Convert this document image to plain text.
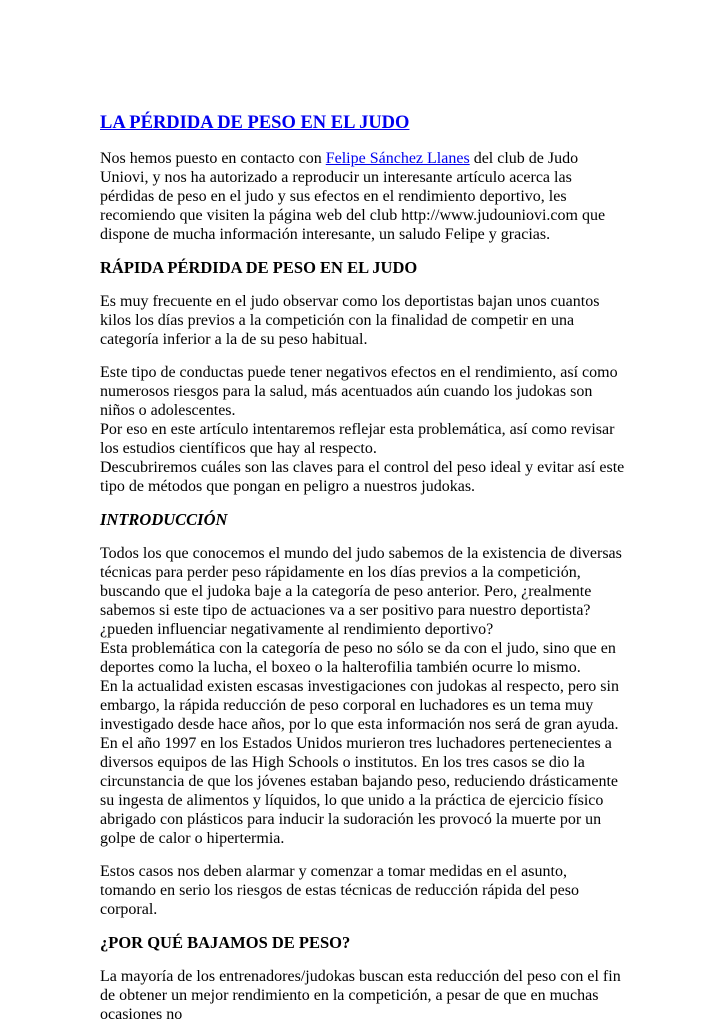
LA PÉRDIDA DE PESO EN EL JUDO

Nos hemos puesto en contacto con Felipe Sánchez Llanes del club de Judo Uniovi, y nos ha autorizado a reproducir un interesante artículo acerca las pérdidas de peso en el judo y sus efectos en el rendimiento deportivo, les recomiendo que visiten la página web del club http://www.judouniovi.com que dispone de mucha información interesante, un saludo Felipe y gracias.

RÁPIDA PÉRDIDA DE PESO EN EL JUDO

Es muy frecuente en el judo observar como los deportistas bajan unos cuantos kilos los días previos a la competición con la finalidad de competir en una categoría inferior a la de su peso habitual.

Este tipo de conductas puede tener negativos efectos en el rendimiento, así como numerosos riesgos para la salud, más acentuados aún cuando los judokas son niños o adolescentes.
Por eso en este artículo intentaremos reflejar esta problemática, así como revisar los estudios científicos que hay al respecto.
Descubriremos cuáles son las claves para el control del peso ideal y evitar así este tipo de métodos que pongan en peligro a nuestros judokas.
INTRODUCCIÓN
Todos los que conocemos el mundo del judo sabemos de la existencia de diversas técnicas para perder peso rápidamente en los días previos a la competición, buscando que el judoka baje a la categoría de peso anterior. Pero, ¿realmente sabemos si este tipo de actuaciones va a ser positivo para nuestro deportista? ¿pueden influenciar negativamente al rendimiento deportivo?
Esta problemática con la categoría de peso no sólo se da con el judo, sino que en deportes como la lucha, el boxeo o la halterofilia también ocurre lo mismo.
En la actualidad existen escasas investigaciones con judokas al respecto, pero sin embargo, la rápida reducción de peso corporal en luchadores es un tema muy investigado desde hace años, por lo que esta información nos será de gran ayuda.
En el año 1997 en los Estados Unidos murieron tres luchadores pertenecientes a diversos equipos de las High Schools o institutos. En los tres casos se dio la circunstancia de que los jóvenes estaban bajando peso, reduciendo drásticamente su ingesta de alimentos y líquidos, lo que unido a la práctica de ejercicio físico abrigado con plásticos para inducir la sudoración les provocó la muerte por un golpe de calor o hipertermia.

Estos casos nos deben alarmar y comenzar a tomar medidas en el asunto, tomando en serio los riesgos de estas técnicas de reducción rápida del peso corporal.

¿POR QUÉ BAJAMOS DE PESO?

La mayoría de los entrenadores/judokas buscan esta reducción del peso con el fin de obtener un mejor rendimiento en la competición, a pesar de que en muchas ocasiones no
